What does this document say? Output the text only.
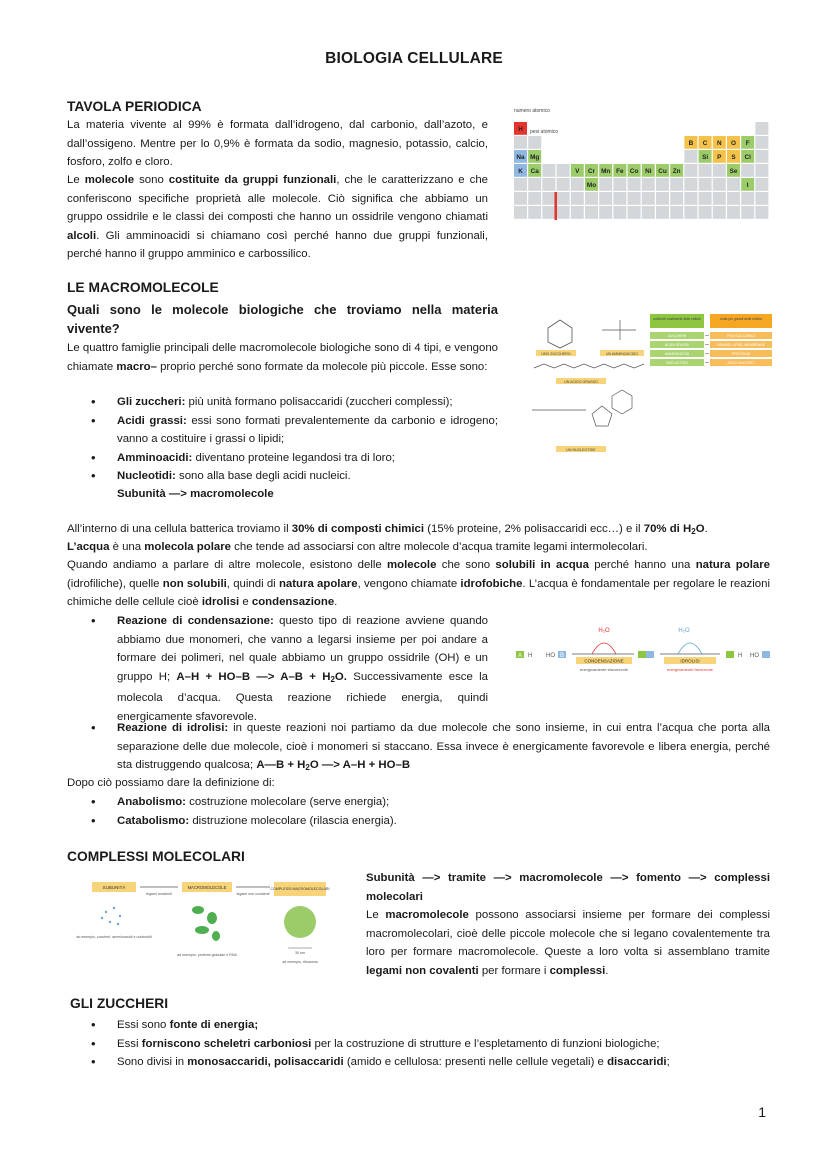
BIOLOGIA CELLULARE
TAVOLA PERIODICA

La materia vivente al 99% è formata dall’idrogeno, dal carbonio, dall’azoto, e dall’ossigeno. Mentre per lo 0,9% è formata da sodio, magnesio, potassio, calcio, fosforo, zolfo e cloro.

Le molecole sono costituite da gruppi funzionali, che le caratterizzano e che conferiscono specifiche proprietà alle molecole. Ciò significa che abbiamo un gruppo ossidrile e le classi dei composti che hanno un ossidrile vengono chiamati alcoli. Gli amminoacidi si chiamano così perché hanno due gruppi funzionali, perché hanno il gruppo amminico e carbossilico.

numero atomico
pesi atomico
H
B C N O F
Na Mg	Si P S Cl
K Ca	V Cr Mn Fe Co Ni Cu Zn	Se
Mo	I
LE MACROMOLECOLE

Quali sono le molecole biologiche che troviamo nella materia vivente?

Le quattro famiglie principali delle macromolecole biologiche sono di 4 tipi, e vengono chiamate macro– proprio perché sono formate da molecole più piccole. Esse sono:

• Gli zuccheri: più unità formano polisaccaridi (zuccheri complessi);
• Acidi grassi: essi sono formati prevalentemente da carbonio e idrogeno; vanno a costituire i grassi o lipidi;
• Amminoacidi: diventano proteine legandosi tra di loro;
• Nucleotidi: sono alla base degli acidi nucleici.

Subunità —> macromolecole

UNO ZUCCHERO	UN AMMINOACIDO
UN ACIDO GRASSO
UN NUCLEOTIDE
unità dei costituenti delle cellule	unità più grandi delle cellule
ZUCCHERI	POLISACCARIDI
ACIDI GRASSI	GRASSI, LIPIDI, MEMBRANE
AMMINOACIDI	PROTEINE
NUCLEOTIDI	ACIDI NUCLEICI

All’interno di una cellula batterica troviamo il 30% di composti chimici (15% proteine, 2% polisaccaridi ecc…) e il 70% di $H_2O$.

L’acqua è una molecola polare che tende ad associarsi con altre molecole d’acqua tramite legami intermolecolari.

Quando andiamo a parlare di altre molecole, esistono delle molecole che sono solubili in acqua perché hanno una natura polare (idrofiliche), quelle non solubili, quindi di natura apolare, vengono chiamate idrofobiche. L’acqua è fondamentale per regolare le reazioni chimiche delle cellule cioè idrolisi e condensazione.

• Reazione di condensazione: questo tipo di reazione avviene quando abbiamo due monomeri, che vanno a legarsi insieme per poi andare a formare dei polimeri, nel quale abbiamo un gruppo ossidrile (OH) e un gruppo H; A–H + HO–B —> $A-B + H_2O$. Successivamente esce la molecola d’acqua. Questa reazione richiede energia, quindi energicamente sfavorevole.
• Reazione di idrolisi: in queste reazioni noi partiamo da due molecole che sono insieme, in cui entra l’acqua che porta alla separazione delle due molecole, cioè i monomeri si staccano. Essa invece è energicamente favorevole e libera energia, perché sta distruggendo qualcosa; A—B + $H_2O$ —> A–H + HO–B

Dopo ciò possiamo dare la definizione di:

• Anabolismo: costruzione molecolare (serve energia);
• Catabolismo: distruzione molecolare (rilascia energia).
A H HO B
H₂O
CONDENSAZIONE
energicamente sfavorevole
H₂O
IDROLISI
energicamente favorevole
H HO
COMPLESSI MOLECOLARI

Subunità —> tramite —> macromolecole —> fomento —> complessi molecolari

Le macromolecole possono associarsi insieme per formare dei complessi macromolecolari, cioè delle piccole molecole che si legano covalentemente tra loro per formare macromolecole. Queste a loro volta si assemblano tramite legami non covalenti per formare i complessi.

SUBUNITÀ	MACROMOLECOLE	COMPLESSI MACROMOLECOLARI
legami covalenti	legami non covalenti
ad esempio, zuccheri, amminoacidi e nucleotidi
ad esempio, proteine globulari e RNA	30 nm
ad esempio, ribosoma
GLI ZUCCHERI
• Essi sono fonte di energia;
• Essi forniscono scheletri carboniosi per la costruzione di strutture e l’espletamento di funzioni biologiche;
• Sono divisi in monosaccaridi, polisaccaridi (amido e cellulosa: presenti nelle cellule vegetali) e disaccaridi;
1
